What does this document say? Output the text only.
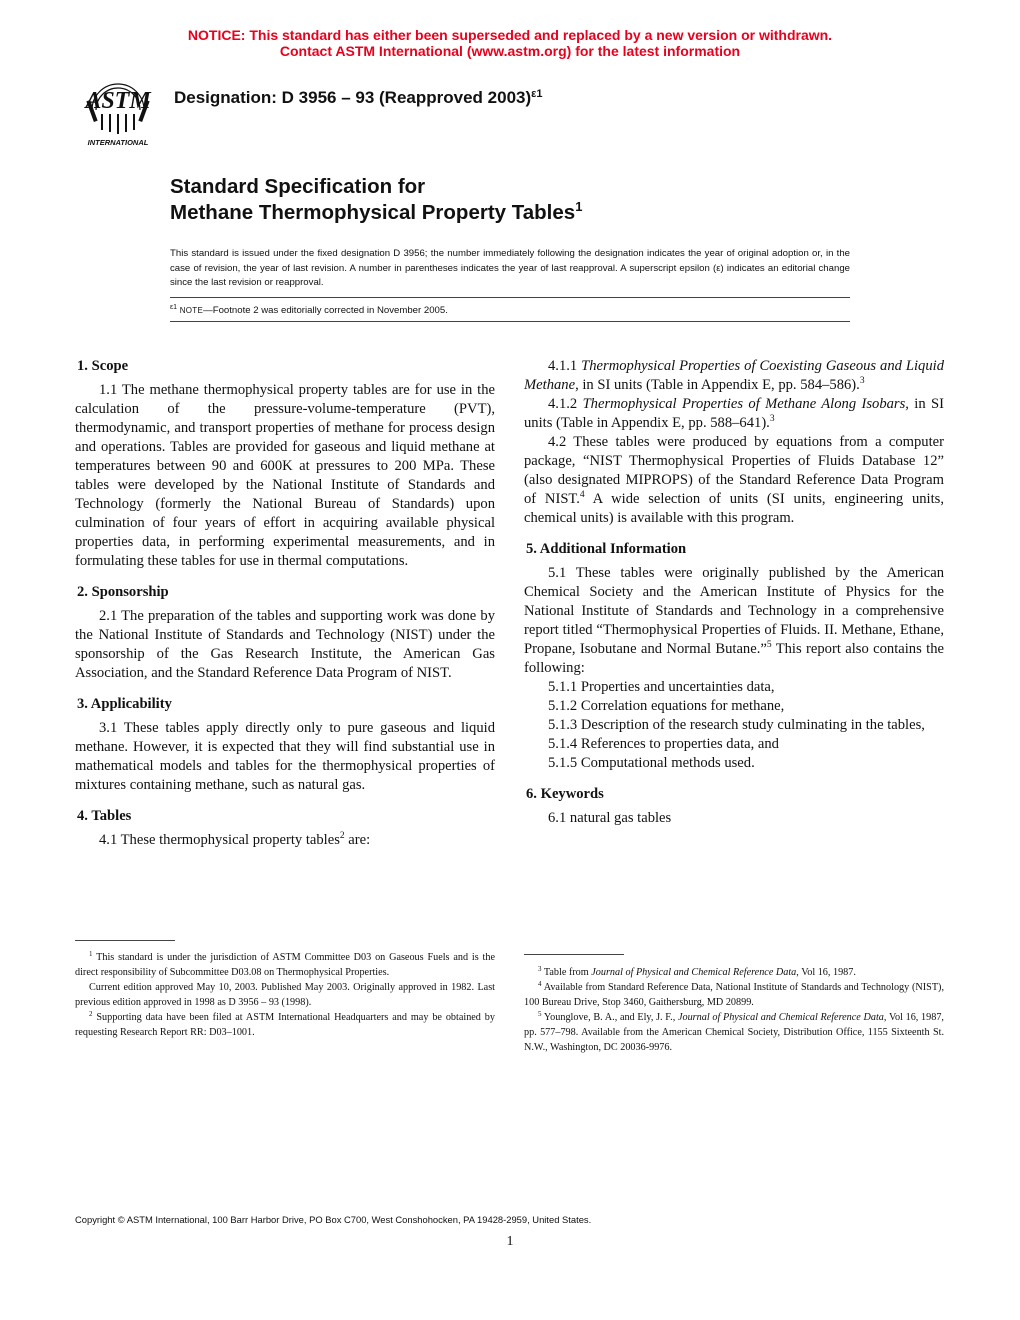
NOTICE: This standard has either been superseded and replaced by a new version or withdrawn.
Contact ASTM International (www.astm.org) for the latest information
ASTM
INTERNATIONAL
Designation: D 3956 – 93 (Reapproved 2003)$^{\varepsilon 1}$
Standard Specification for
Methane Thermophysical Property Tables$^1$
This standard is issued under the fixed designation D 3956; the number immediately following the designation indicates the year of original adoption or, in the case of revision, the year of last revision. A number in parentheses indicates the year of last reapproval. A superscript epsilon (ε) indicates an editorial change since the last revision or reapproval.
$^{\varepsilon 1}$ NOTE—Footnote 2 was editorially corrected in November 2005.
1. Scope

1.1 The methane thermophysical property tables are for use in the calculation of the pressure-volume-temperature (PVT), thermodynamic, and transport properties of methane for process design and operations. Tables are provided for gaseous and liquid methane at temperatures between 90 and 600K at pressures to 200 MPa. These tables were developed by the National Institute of Standards and Technology (formerly the National Bureau of Standards) upon culmination of four years of effort in acquiring available physical properties data, in performing experimental measurements, and in formulating these tables for use in thermal computations.

2. Sponsorship

2.1 The preparation of the tables and supporting work was done by the National Institute of Standards and Technology (NIST) under the sponsorship of the Gas Research Institute, the American Gas Association, and the Standard Reference Data Program of NIST.

3. Applicability

3.1 These tables apply directly only to pure gaseous and liquid methane. However, it is expected that they will find substantial use in mathematical models and tables for the thermophysical properties of mixtures containing methane, such as natural gas.

4. Tables

4.1 These thermophysical property tables$^2$ are:

4.1.1 Thermophysical Properties of Coexisting Gaseous and Liquid Methane, in SI units (Table in Appendix E, pp. 584–586).$^3$

4.1.2 Thermophysical Properties of Methane Along Isobars, in SI units (Table in Appendix E, pp. 588–641).$^3$

4.2 These tables were produced by equations from a computer package, “NIST Thermophysical Properties of Fluids Database 12” (also designated MIPROPS) of the Standard Reference Data Program of NIST.$^4$ A wide selection of units (SI units, engineering units, chemical units) is available with this program.

5. Additional Information

5.1 These tables were originally published by the American Chemical Society and the American Institute of Physics for the National Institute of Standards and Technology in a comprehensive report titled “Thermophysical Properties of Fluids. II. Methane, Ethane, Propane, Isobutane and Normal Butane.”$^5$ This report also contains the following:

5.1.1 Properties and uncertainties data,

5.1.2 Correlation equations for methane,

5.1.3 Description of the research study culminating in the tables,

5.1.4 References to properties data, and

5.1.5 Computational methods used.

6. Keywords

6.1 natural gas tables

$^1$ This standard is under the jurisdiction of ASTM Committee D03 on Gaseous Fuels and is the direct responsibility of Subcommittee D03.08 on Thermophysical Properties.

Current edition approved May 10, 2003. Published May 2003. Originally approved in 1982. Last previous edition approved in 1998 as D 3956 – 93 (1998).

$^2$ Supporting data have been filed at ASTM International Headquarters and may be obtained by requesting Research Report RR: D03–1001.

$^3$ Table from Journal of Physical and Chemical Reference Data, Vol 16, 1987.

$^4$ Available from Standard Reference Data, National Institute of Standards and Technology (NIST), 100 Bureau Drive, Stop 3460, Gaithersburg, MD 20899.

$^5$ Younglove, B. A., and Ely, J. F., Journal of Physical and Chemical Reference Data, Vol 16, 1987, pp. 577–798. Available from the American Chemical Society, Distribution Office, 1155 Sixteenth St. N.W., Washington, DC 20036-9976.

Copyright © ASTM International, 100 Barr Harbor Drive, PO Box C700, West Conshohocken, PA 19428-2959, United States.
1
